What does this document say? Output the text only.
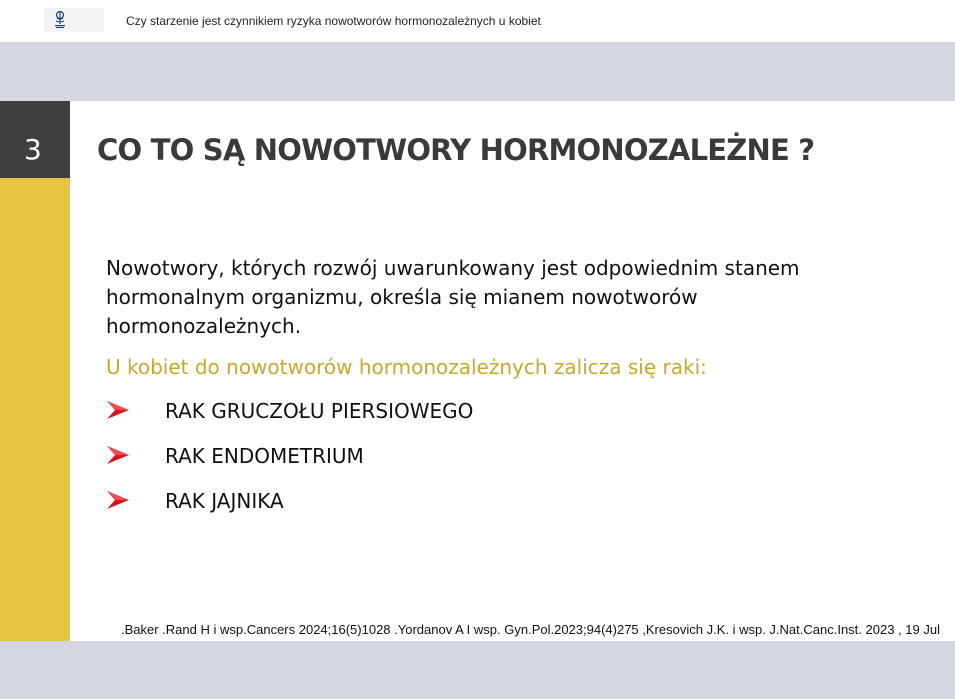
Czy starzenie jest czynnikiem ryzyka nowotworów hormonozależnych u kobiet
3	CO TO SĄ NOWOTWORY HORMONOZALEŻNE ?
Nowotwory, których rozwój uwarunkowany jest odpowiednim stanem
hormonalnym organizmu, określa się mianem nowotworów
hormonozależnych.
U kobiet do nowotworów hormonozależnych zalicza się raki:
RAK GRUCZOŁU PIERSIOWEGO
RAK ENDOMETRIUM
RAK JAJNIKA
.Baker .Rand H i wsp.Cancers 2024;16(5)1028 .Yordanov A I wsp. Gyn.Pol.2023;94(4)275 ,Kresovich J.K. i wsp. J.Nat.Canc.Inst. 2023 , 19 Jul
